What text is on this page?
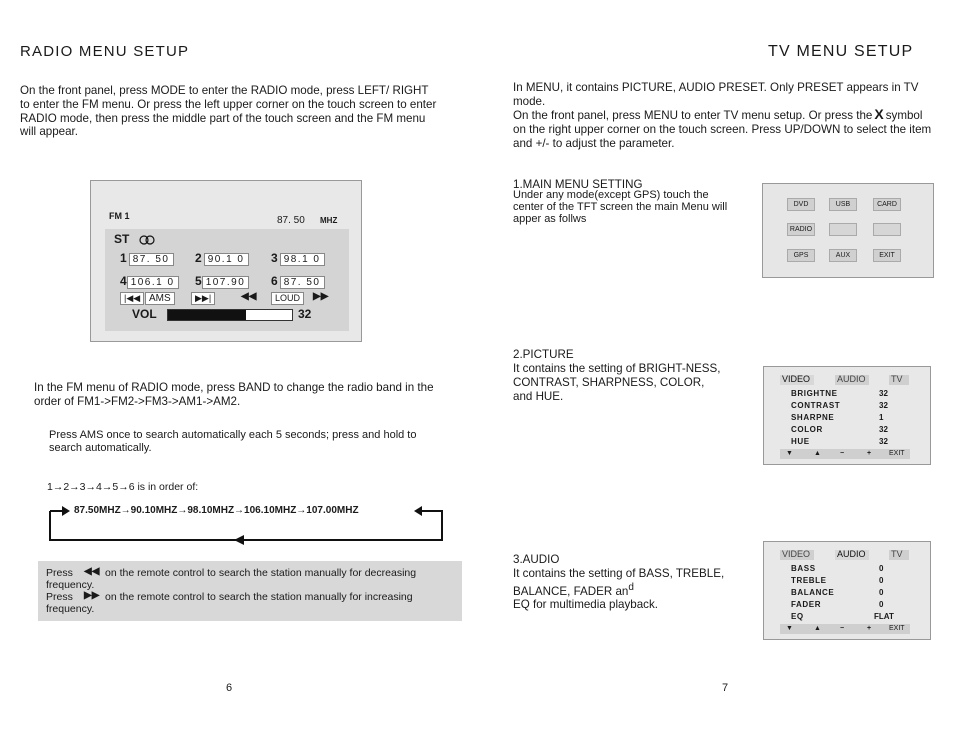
RADIO MENU SETUP
On the front panel, press MODE to enter the RADIO mode, press LEFT/ RIGHT to enter the FM menu. Or press the left upper corner on the touch screen to enter RADIO mode, then press the middle part of the touch screen and the FM menu will appear.
FM 1	87. 50 MHZ
ST
1 87. 50	2 90.1 0	3 98.1 0
4 106.1 0	5 107.90	6 87. 50
|◀◀ AMS	▶▶|	◀◀	LOUD	▶▶
VOL	32
In the FM menu of RADIO mode, press BAND to change the radio band in the order of FM1->FM2->FM3->AM1->AM2.
Press AMS once to search automatically each 5 seconds; press and hold to search automatically.
1→2→3→4→5→6 is in order of:
87.50MHZ→90.10MHZ→98.10MHZ→106.10MHZ→107.00MHZ
Press ◀◀ on the remote control to search the station manually for decreasing
frequency.
Press ▶▶ on the remote control to search the station manually for increasing
frequency.
6
TV MENU SETUP
In MENU, it contains PICTURE, AUDIO PRESET. Only PRESET appears in TV mode.
On the front panel, press MENU to enter TV menu setup. Or press the X symbol on the right upper corner on the touch screen. Press UP/DOWN to select the item and +/- to adjust the parameter.
1.MAIN MENU SETTING
Under any mode(except GPS) touch the center of the TFT screen the main Menu will apper as follws
DVD	USB	CARD
RADIO
GPS	AUX	EXIT
2.PICTURE
It contains the setting of BRIGHT-NESS, CONTRAST, SHARPNESS, COLOR, and HUE.
VIDEO	AUDIO	TV
BRIGHTNE	32
CONTRAST	32
SHARPNE	1
COLOR	32
HUE	32
▼	▲	−	+	EXIT
3.AUDIO
It contains the setting of BASS, TREBLE, BALANCE, FADER $an^d$
EQ for multimedia playback.
VIDEO	AUDIO	TV
BASS	0
TREBLE	0
BALANCE	0
FADER	0
EQ	FLAT
▼	▲	−	+	EXIT
7
